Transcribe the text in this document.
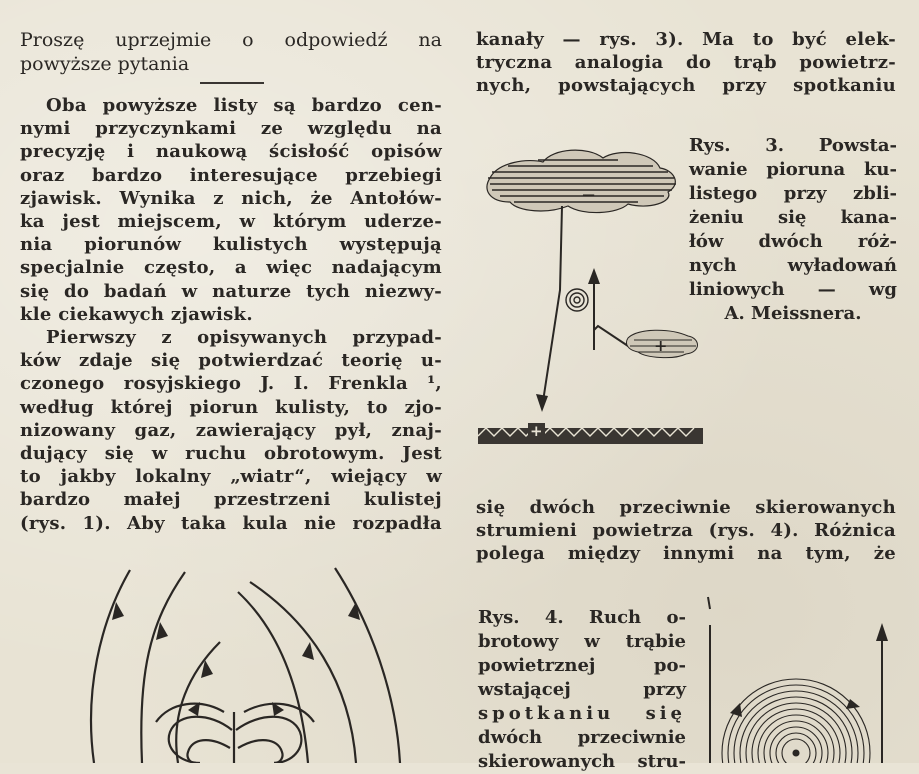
Proszę uprzejmie o odpowiedź na

powyższe pytania

Oba powyższe listy są bardzo cen-

nymi przyczynkami ze względu na

precyzję i naukową ścisłość opisów

oraz bardzo interesujące przebiegi

zjawisk. Wynika z nich, że Antołów-

ka jest miejscem, w którym uderze-

nia piorunów kulistych występują

specjalnie często, a więc nadającym

się do badań w naturze tych niezwy-

kle ciekawych zjawisk.

Pierwszy z opisywanych przypad-

ków zdaje się potwierdzać teorię u-

czonego rosyjskiego J. I. Frenkla ¹,

według której piorun kulisty, to zjo-

nizowany gaz, zawierający pył, znaj-

dujący się w ruchu obrotowym. Jest

to jakby lokalny „wiatr“, wiejący w

bardzo małej przestrzeni kulistej

(rys. 1). Aby taka kula nie rozpadła

kanały — rys. 3). Ma to być elek-

tryczna analogia do trąb powietrz-

nych, powstających przy spotkaniu

−
+
+

Rys. 3. Powsta-

wanie pioruna ku-

listego przy zbli-

żeniu się kana-

łów dwóch róż-

nych wyładowań

liniowych — wg

A. Meissnera.

się dwóch przeciwnie skierowanych

strumieni powietrza (rys. 4). Różnica

polega między innymi na tym, że

Rys. 4. Ruch o-

brotowy w trąbie

powietrznej po-

wstającej przy

spotkaniu się

dwóch przeciwnie

skierowanych stru-
